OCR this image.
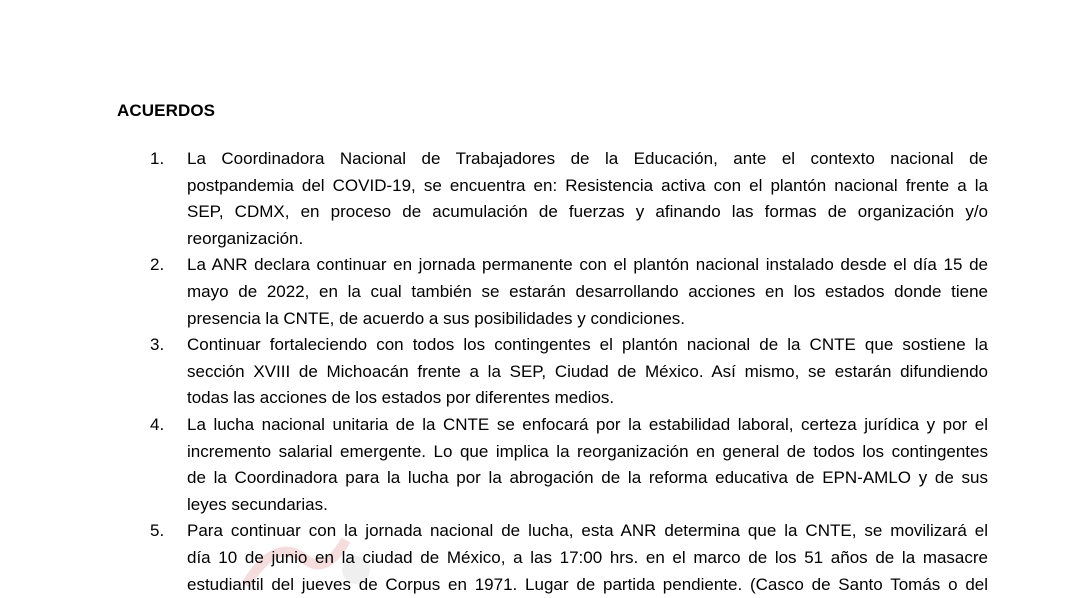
ACUERDOS
1.	La Coordinadora Nacional de Trabajadores de la Educación, ante el contexto nacional de
postpandemia del COVID-19, se encuentra en: Resistencia activa con el plantón nacional frente a la
SEP, CDMX, en proceso de acumulación de fuerzas y afinando las formas de organización y/o
reorganización.
2.	La ANR declara continuar en jornada permanente con el plantón nacional instalado desde el día 15 de
mayo de 2022, en la cual también se estarán desarrollando acciones en los estados donde tiene
presencia la CNTE, de acuerdo a sus posibilidades y condiciones.
3.	Continuar fortaleciendo con todos los contingentes el plantón nacional de la CNTE que sostiene la
sección XVIII de Michoacán frente a la SEP, Ciudad de México. Así mismo, se estarán difundiendo
todas las acciones de los estados por diferentes medios.
4.	La lucha nacional unitaria de la CNTE se enfocará por la estabilidad laboral, certeza jurídica y por el
incremento salarial emergente. Lo que implica la reorganización en general de todos los contingentes
de la Coordinadora para la lucha por la abrogación de la reforma educativa de EPN-AMLO y de sus
leyes secundarias.
5.	Para continuar con la jornada nacional de lucha, esta ANR determina que la CNTE, se movilizará el
día 10 de junio en la ciudad de México, a las 17:00 hrs. en el marco de los 51 años de la masacre
estudiantil del jueves de Corpus en 1971. Lugar de partida pendiente. (Casco de Santo Tomás o del
